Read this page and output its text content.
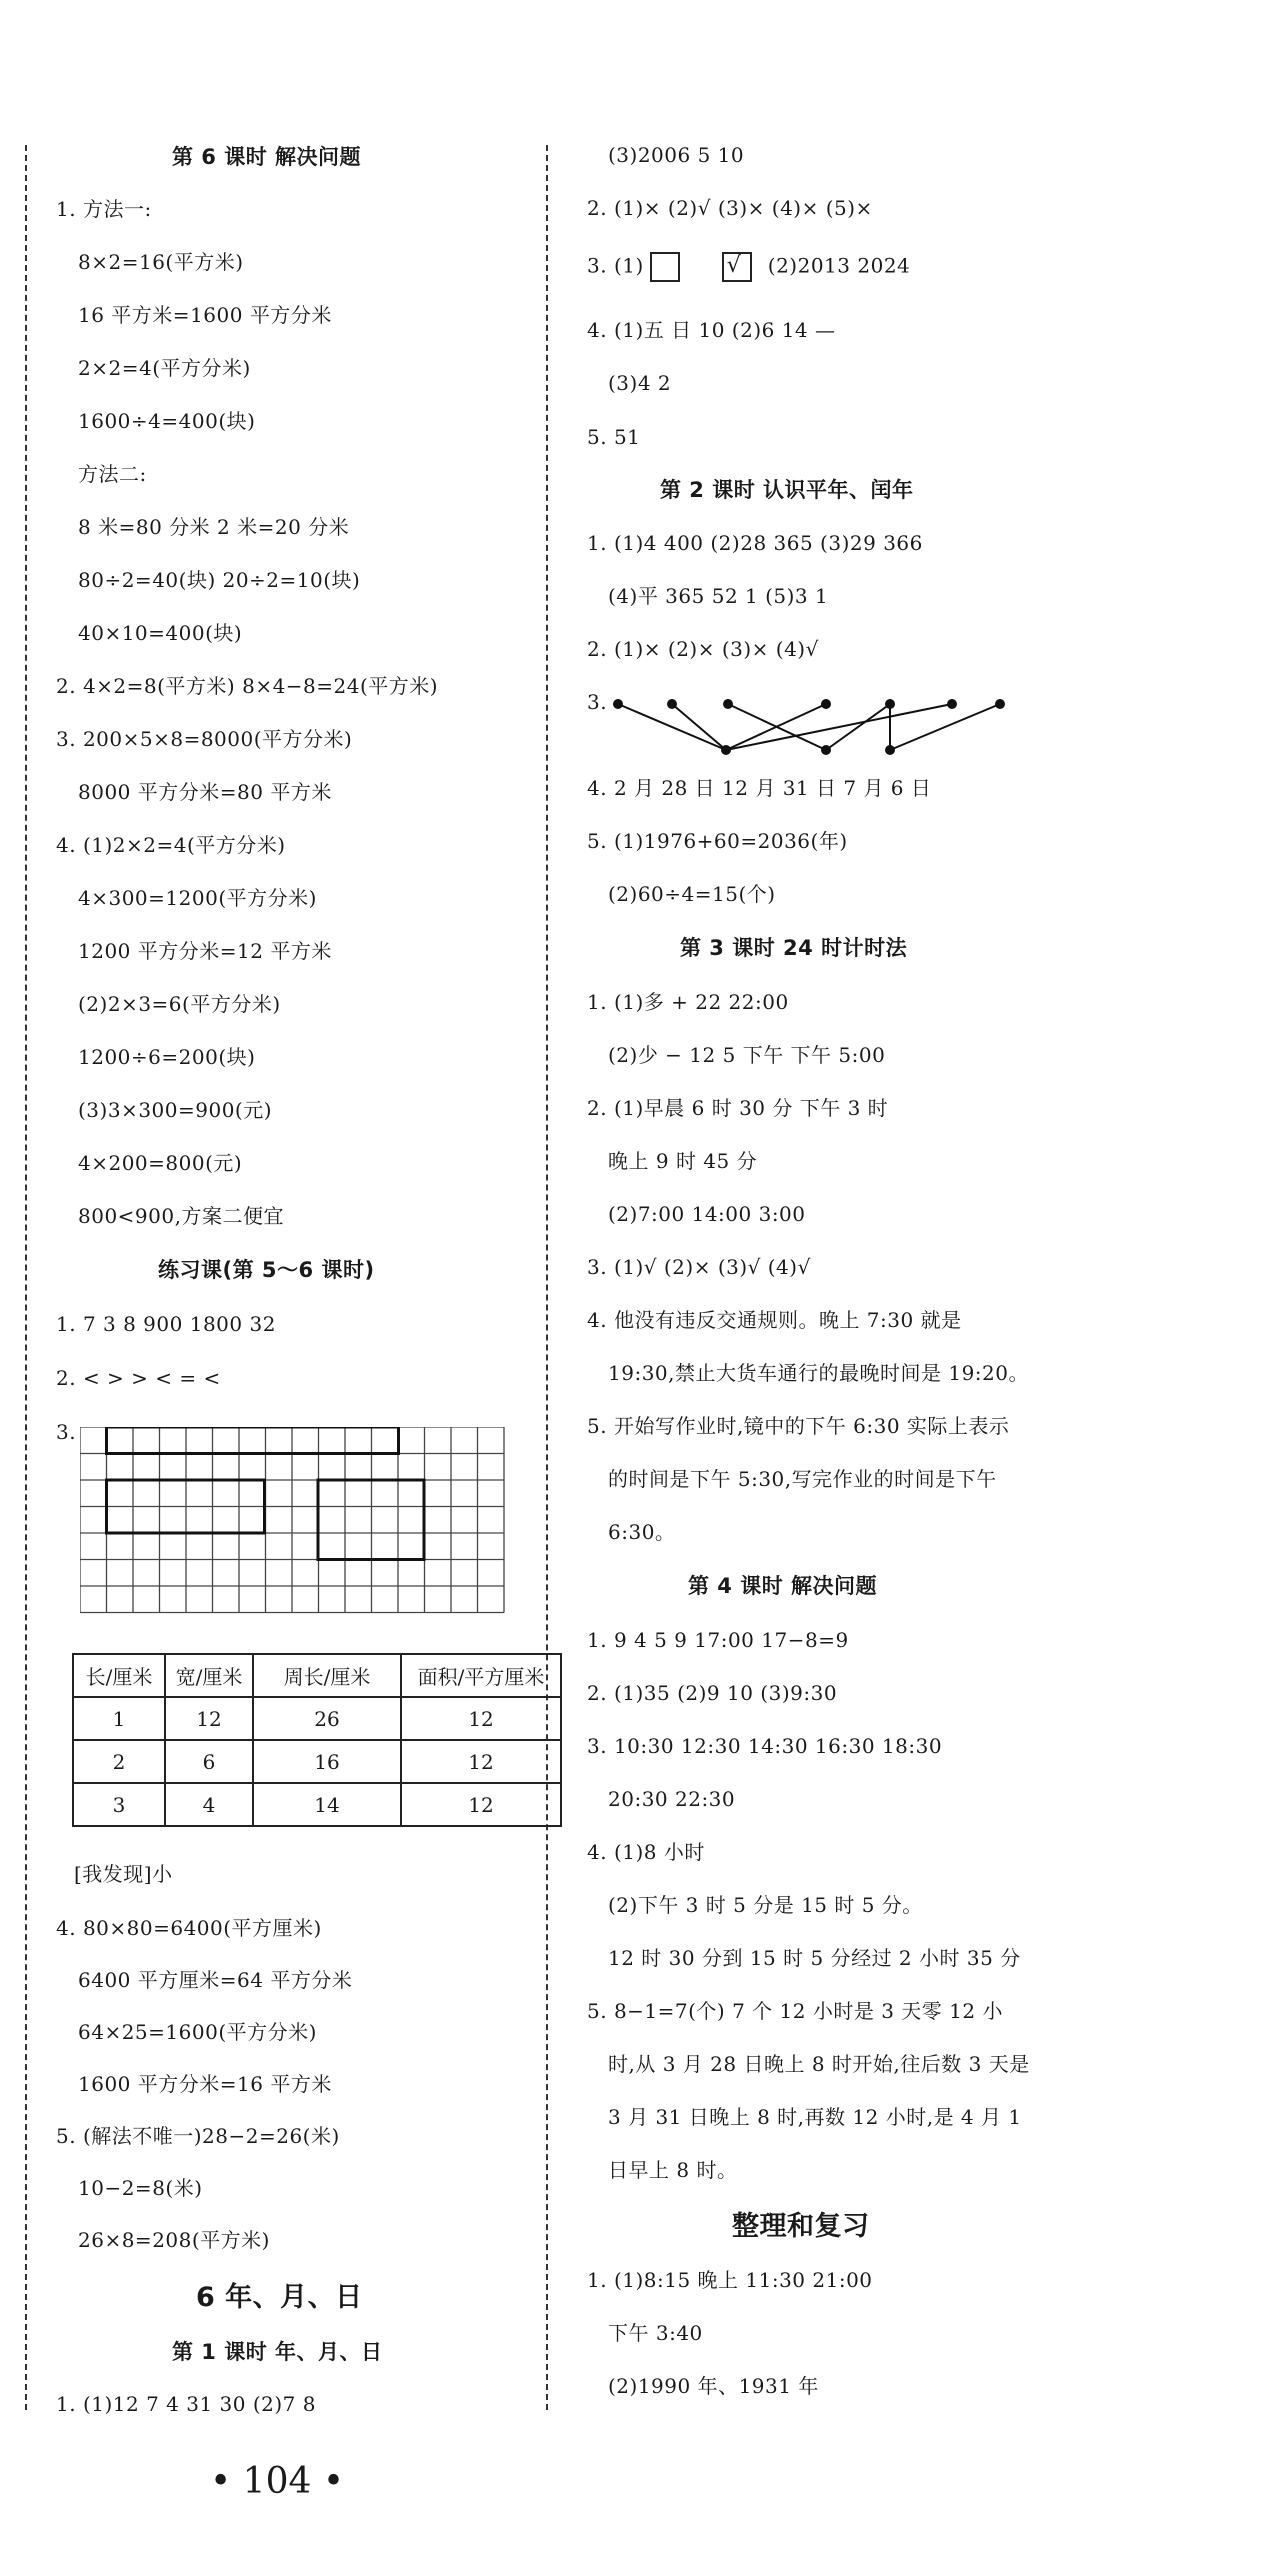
第 6 课时 解决问题
1. 方法一:
8×2=16(平方米)
16 平方米=1600 平方分米
2×2=4(平方分米)
1600÷4=400(块)
方法二:
8 米=80 分米 2 米=20 分米
80÷2=40(块) 20÷2=10(块)
40×10=400(块)
2. 4×2=8(平方米) 8×4−8=24(平方米)
3. 200×5×8=8000(平方分米)
8000 平方分米=80 平方米
4. (1)2×2=4(平方分米)
4×300=1200(平方分米)
1200 平方分米=12 平方米
(2)2×3=6(平方分米)
1200÷6=200(块)
(3)3×300=900(元)
4×200=800(元)
800<900,方案二便宜
练习课(第 5～6 课时)
1. 7 3 8 900 1800 32
2. < > > < = <
3.
长/厘米	宽/厘米	周长/厘米	面积/平方厘米
1	12	26	12
2	6	16	12
3	4	14	12
[我发现]小
4. 80×80=6400(平方厘米)
6400 平方厘米=64 平方分米
64×25=1600(平方分米)
1600 平方分米=16 平方米
5. (解法不唯一)28−2=26(米)
10−2=8(米)
26×8=208(平方米)
6 年、月、日
第 1 课时 年、月、日
1. (1)12 7 4 31 30 (2)7 8
(3)2006 5 10
2. (1)× (2)√ (3)× (4)× (5)×
3. (1)	√ (2)2013 2024
4. (1)五 日 10 (2)6 14 —
(3)4 2
5. 51
第 2 课时 认识平年、闰年
1. (1)4 400 (2)28 365 (3)29 366
(4)平 365 52 1 (5)3 1
2. (1)× (2)× (3)× (4)√
3.
4. 2 月 28 日 12 月 31 日 7 月 6 日
5. (1)1976+60=2036(年)
(2)60÷4=15(个)
第 3 课时 24 时计时法
1. (1)多 + 22 22:00
(2)少 − 12 5 下午 下午 5:00
2. (1)早晨 6 时 30 分 下午 3 时
晚上 9 时 45 分
(2)7:00 14:00 3:00
3. (1)√ (2)× (3)√ (4)√
4. 他没有违反交通规则。晚上 7:30 就是
19:30,禁止大货车通行的最晚时间是 19:20。
5. 开始写作业时,镜中的下午 6:30 实际上表示
的时间是下午 5:30,写完作业的时间是下午
6:30。
第 4 课时 解决问题
1. 9 4 5 9 17:00 17−8=9
2. (1)35 (2)9 10 (3)9:30
3. 10:30 12:30 14:30 16:30 18:30
20:30 22:30
4. (1)8 小时
(2)下午 3 时 5 分是 15 时 5 分。
12 时 30 分到 15 时 5 分经过 2 小时 35 分
5. 8−1=7(个) 7 个 12 小时是 3 天零 12 小
时,从 3 月 28 日晚上 8 时开始,往后数 3 天是
3 月 31 日晚上 8 时,再数 12 小时,是 4 月 1
日早上 8 时。
整理和复习
1. (1)8:15 晚上 11:30 21:00
下午 3:40
(2)1990 年、1931 年
• 104 •
